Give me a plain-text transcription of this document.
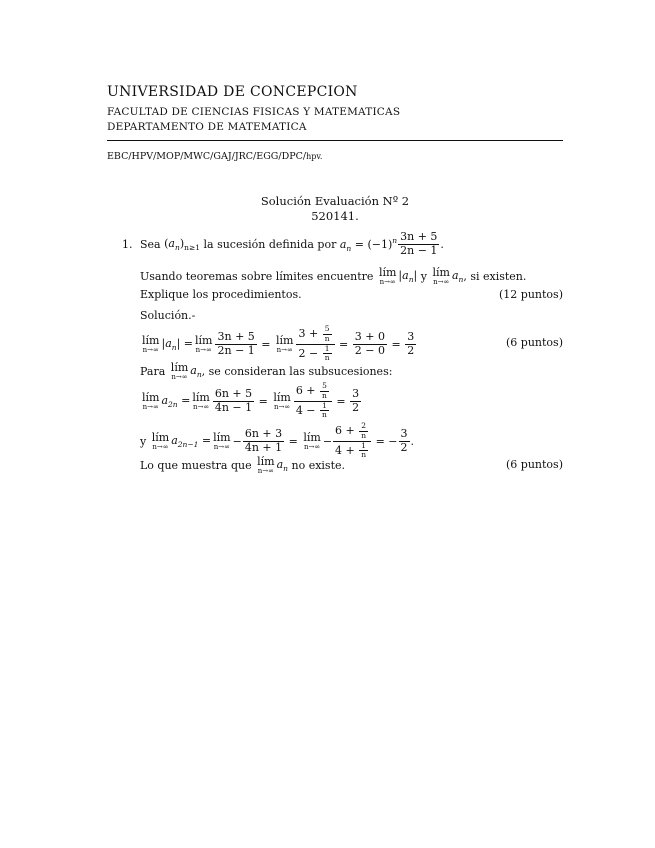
UNIVERSIDAD DE CONCEPCION
FACULTAD DE CIENCIAS FISICAS Y MATEMATICAS
DEPARTAMENTO DE MATEMATICA
EBC/HPV/MOP/MWC/GAJ/JRC/EGG/DPC/hpv.
Solución Evaluación Nº 2
520141.
1. Sea
$(a_n)_{n\ge 1}$
la sucesión definida por
$a_n = (-1)^n \frac{3n + 5}{2n - 1}$ .
Usando teoremas sobre límites encuentre
lím
n→∞ $|a_n|$
y
lím
n→∞ $a_n$ , si existen.
Explique los procedimientos.	(12 puntos)
Solución.-
lím
n→∞ $|a_n|$ = lím
$n\to\infty \frac{3n + 5}{2n - 1}$ = lím
$n\to\infty \frac{3 + \frac{5}{n}}{2 - \frac{1}{n}} = \frac{3 + 0}{2 - 0} = \frac{3}{2}$	(6 puntos)
Para
lím
n→∞ $a_n$ , se consideran las subsucesiones:
lím
n→∞ $a_{2n}$ = lím
$n\to\infty \frac{6n + 5}{4n - 1}$ = lím
$n\to\infty \frac{6 + \frac{5}{n}}{4 - \frac{1}{n}} = \frac{3}{2}$
y
lím
n→∞ $a_{2n-1}$ = lím
$n\to\infty - \frac{6n + 3}{4n + 1}$ = lím
$n\to\infty - \frac{6 + \frac{2}{n}}{4 + \frac{1}{n}}$ = − $\frac{3}{2}$ .
Lo que muestra que
lím
n→∞ $a_n$
no existe.	(6 puntos)
